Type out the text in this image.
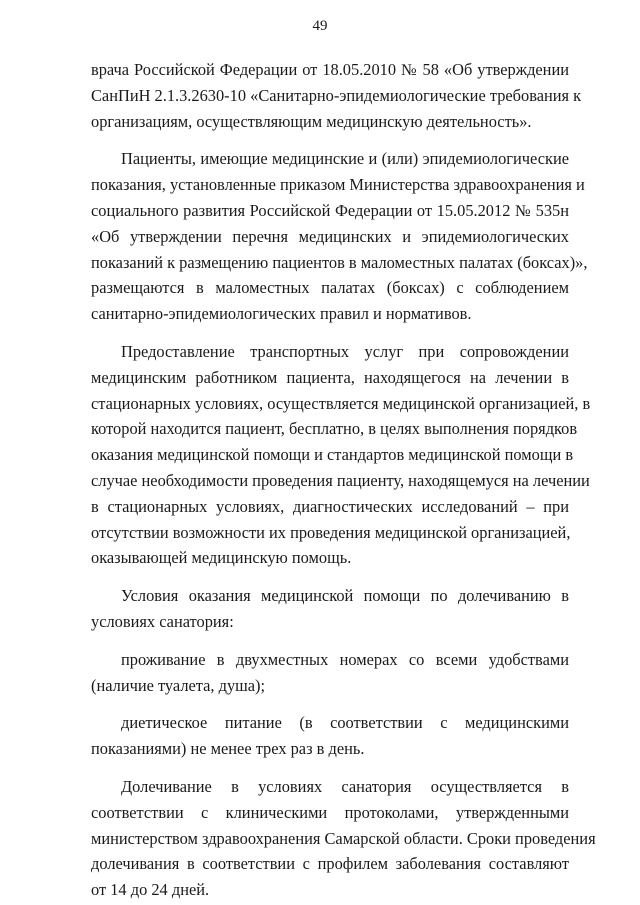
49
врача Российской Федерации от 18.05.2010 № 58 «Об утверждении
СанПиН 2.1.3.2630-10 «Санитарно-эпидемиологические требования к
организациям, осуществляющим медицинскую деятельность».
Пациенты, имеющие медицинские и (или) эпидемиологические
показания, установленные приказом Министерства здравоохранения и
социального развития Российской Федерации от 15.05.2012 № 535н
«Об утверждении перечня медицинских и эпидемиологических
показаний к размещению пациентов в маломестных палатах (боксах)»,
размещаются в маломестных палатах (боксах) с соблюдением
санитарно-эпидемиологических правил и нормативов.
Предоставление транспортных услуг при сопровождении
медицинским работником пациента, находящегося на лечении в
стационарных условиях, осуществляется медицинской организацией, в
которой находится пациент, бесплатно, в целях выполнения порядков
оказания медицинской помощи и стандартов медицинской помощи в
случае необходимости проведения пациенту, находящемуся на лечении
в стационарных условиях, диагностических исследований – при
отсутствии возможности их проведения медицинской организацией,
оказывающей медицинскую помощь.
Условия оказания медицинской помощи по долечиванию в
условиях санатория:
проживание в двухместных номерах со всеми удобствами
(наличие туалета, душа);
диетическое питание (в соответствии с медицинскими
показаниями) не менее трех раз в день.
Долечивание в условиях санатория осуществляется в
соответствии с клиническими протоколами, утвержденными
министерством здравоохранения Самарской области. Сроки проведения
долечивания в соответствии с профилем заболевания составляют
от 14 до 24 дней.
